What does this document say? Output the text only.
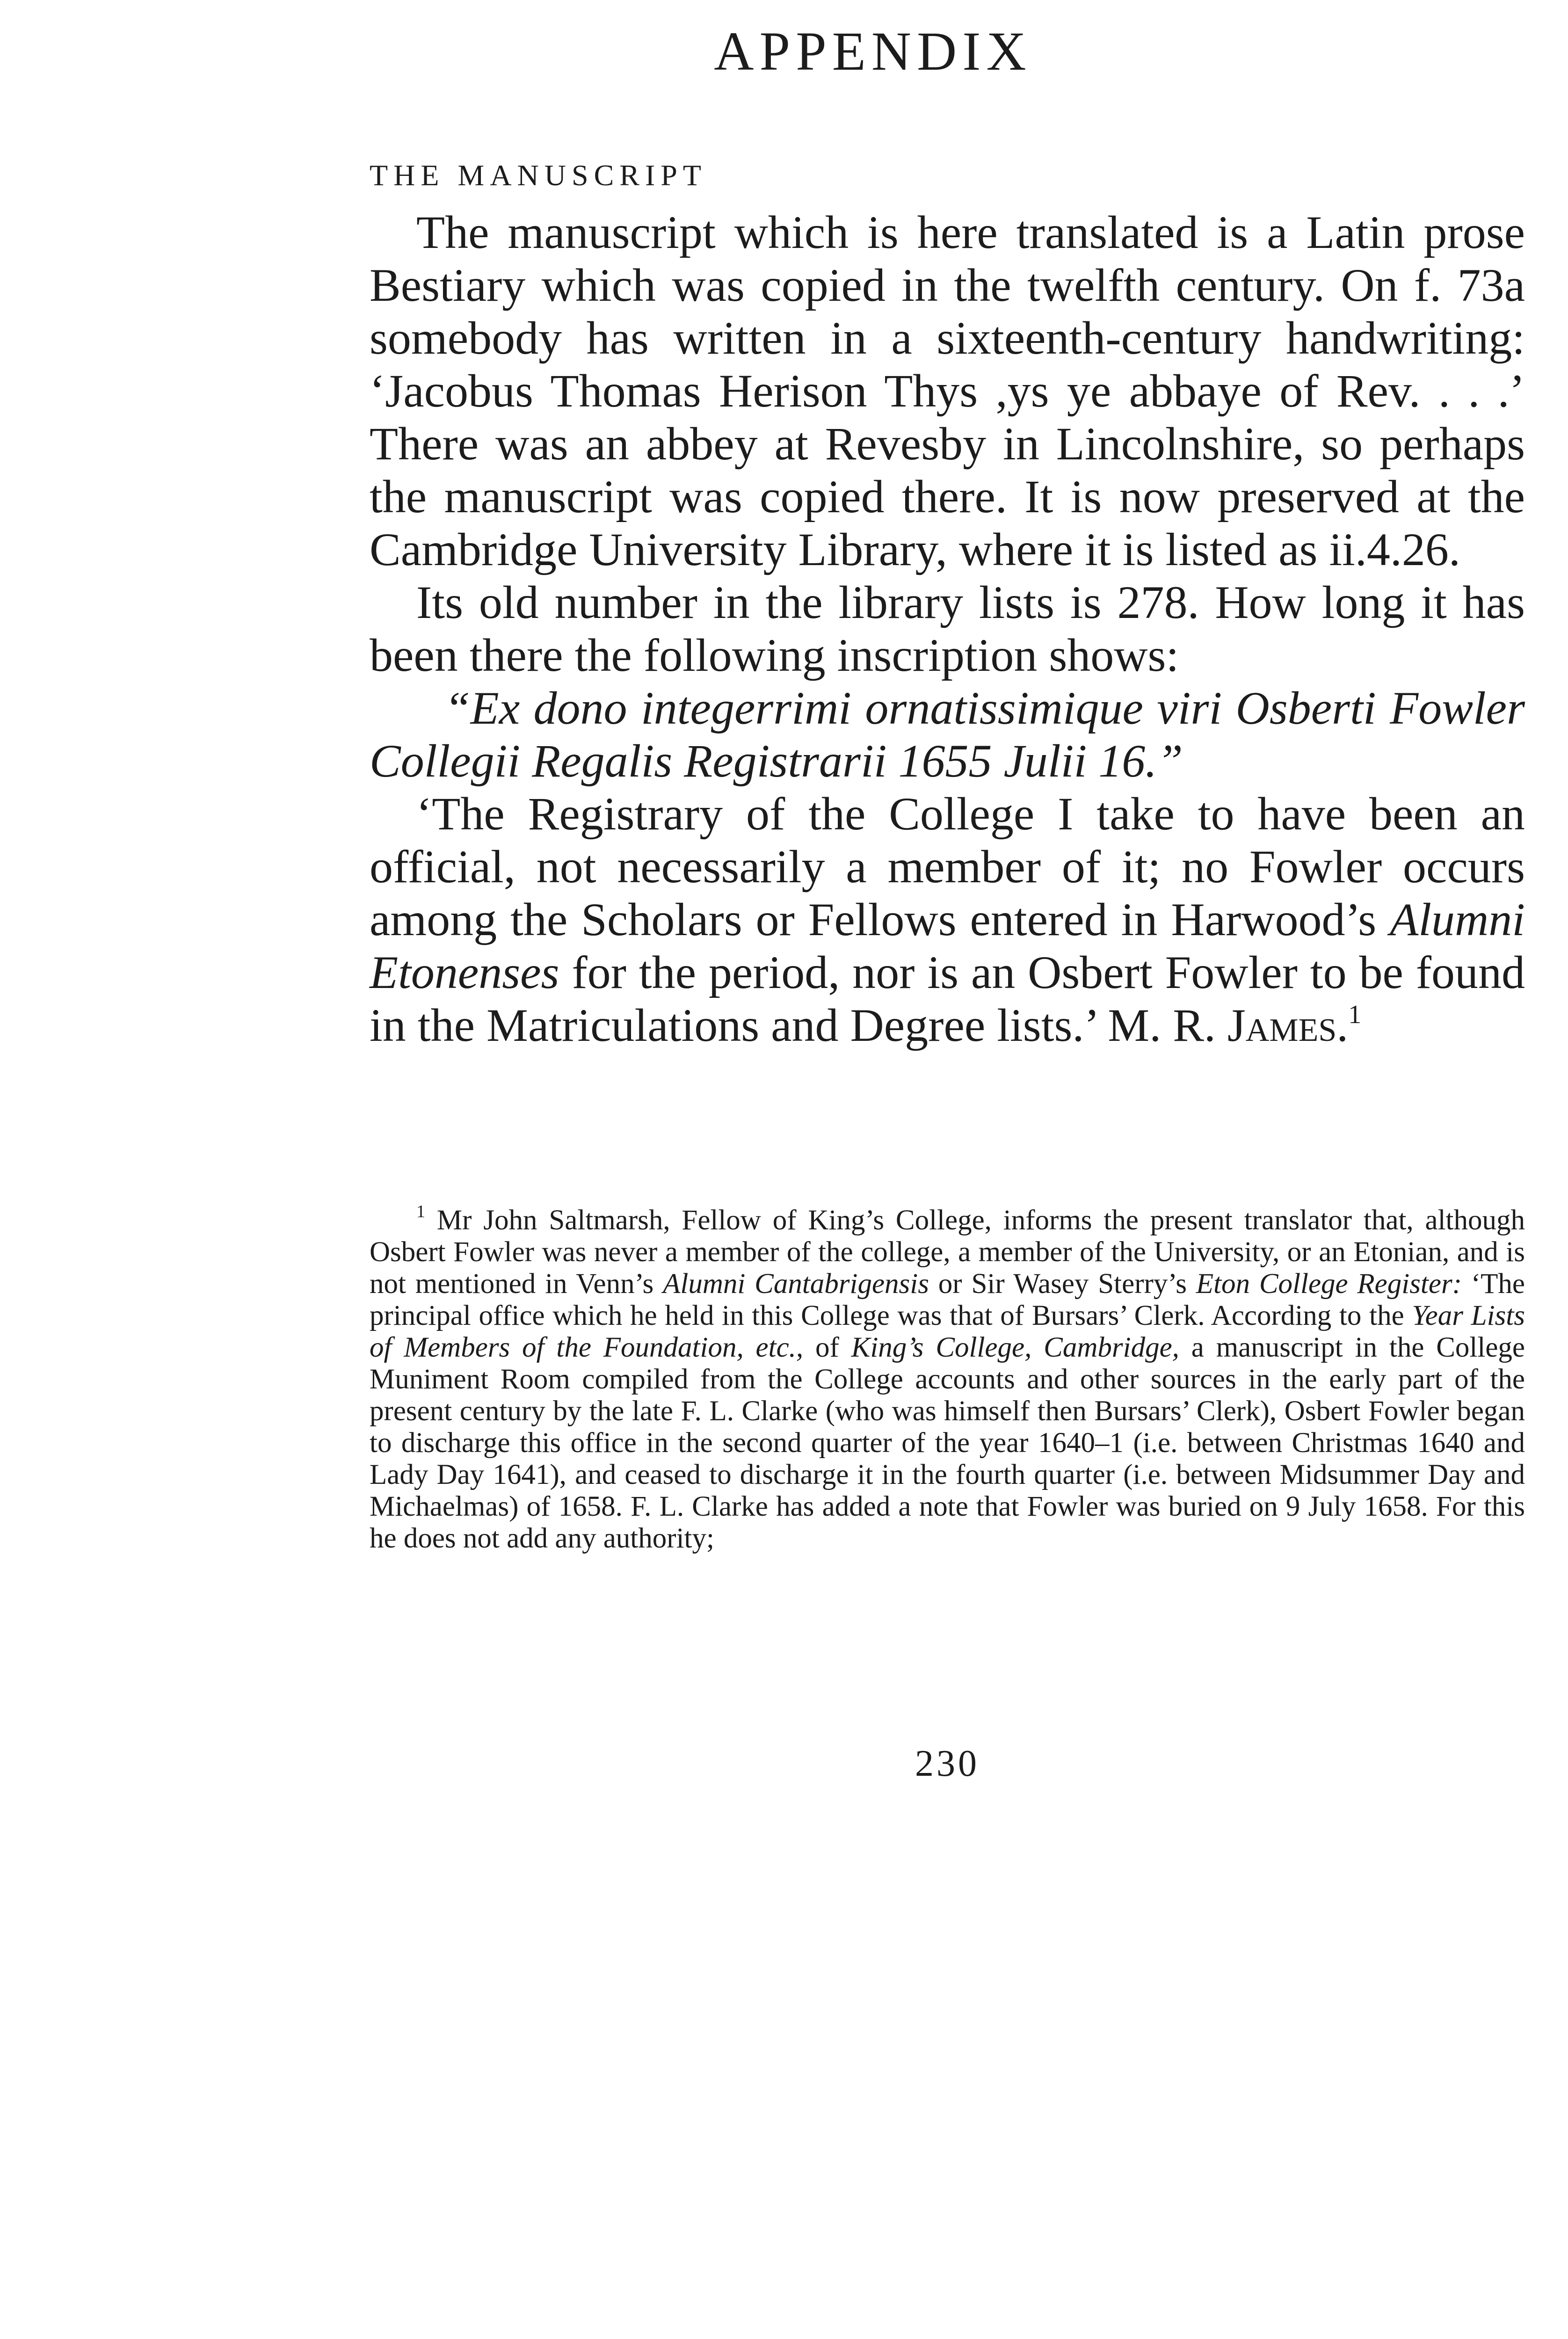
APPENDIX
THE MANUSCRIPT

The manuscript which is here translated is a Latin prose Bestiary which was copied in the twelfth century. On f. 73a somebody has written in a sixteenth-century handwriting: ‘Jacobus Thomas Herison Thys ,ys ye abbaye of Rev. . . .’ There was an abbey at Revesby in Lincolnshire, so perhaps the manuscript was copied there. It is now preserved at the Cambridge University Library, where it is listed as ii.4.26.

Its old number in the library lists is 278. How long it has been there the following inscription shows:

“Ex dono integerrimi ornatissimique viri Osberti Fowler Collegii Regalis Registrarii 1655 Julii 16.”

‘The Registrary of the College I take to have been an official, not necessarily a member of it; no Fowler occurs among the Scholars or Fellows entered in Harwood’s Alumni Etonenses for the period, nor is an Osbert Fowler to be found in the Matriculations and Degree lists.’ M. R. James.$^1$

$^1$ Mr John Saltmarsh, Fellow of King’s College, informs the present translator that, although Osbert Fowler was never a member of the college, a member of the University, or an Etonian, and is not mentioned in Venn’s Alumni Cantabrigensis or Sir Wasey Sterry’s Eton College Register: ‘The principal office which he held in this College was that of Bursars’ Clerk. According to the Year Lists of Members of the Foundation, etc., of King’s College, Cambridge, a manuscript in the College Muniment Room compiled from the College accounts and other sources in the early part of the present century by the late F. L. Clarke (who was himself then Bursars’ Clerk), Osbert Fowler began to discharge this office in the second quarter of the year 1640–1 (i.e. between Christmas 1640 and Lady Day 1641), and ceased to discharge it in the fourth quarter (i.e. between Midsummer Day and Michaelmas) of 1658. F. L. Clarke has added a note that Fowler was buried on 9 July 1658. For this he does not add any authority;

230
